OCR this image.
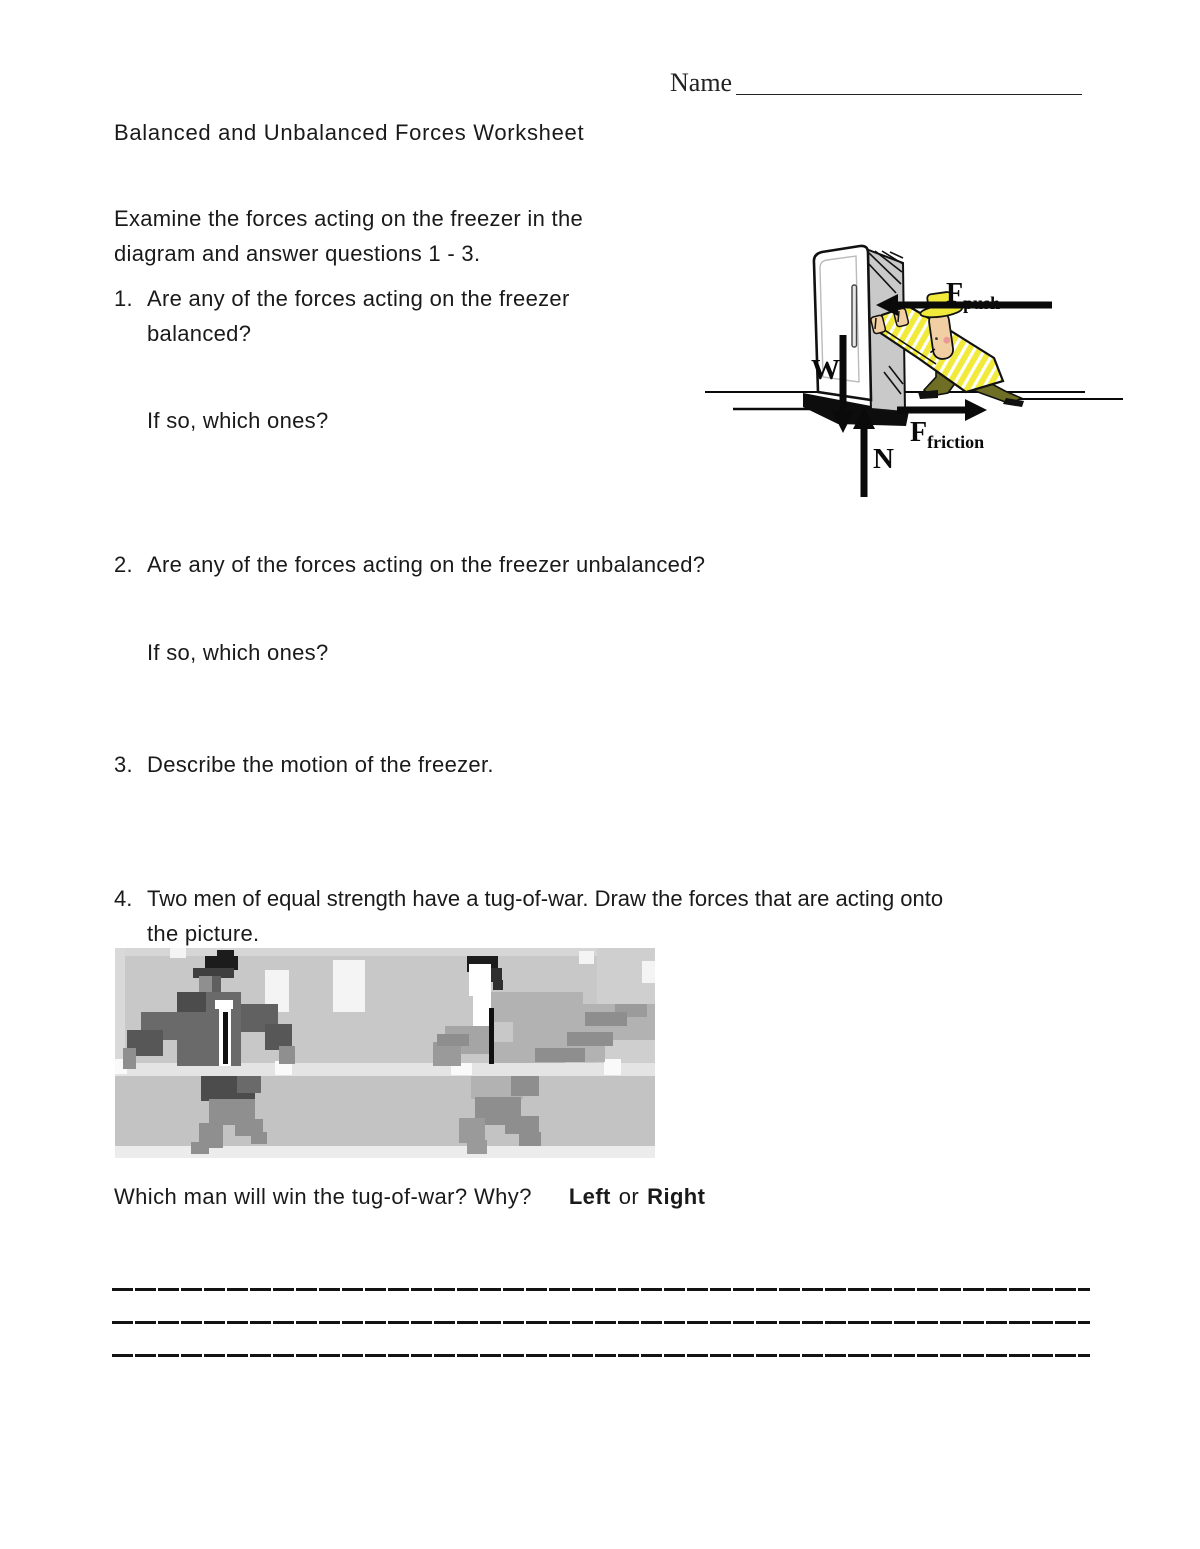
Name
Balanced and Unbalanced Forces Worksheet
Examine the forces acting on the freezer in the
diagram and answer questions 1 - 3.
1. Are any of the forces acting on the freezer
balanced?
If so, which ones?
2. Are any of the forces acting on the freezer unbalanced?
If so, which ones?
3. Describe the motion of the freezer.
4. Two men of equal strength have a tug-of-war. Draw the forces that are acting onto
the picture.
$F_{push}$
W
N
$F_{friction}$
Which man will win the tug-of-war? Why? Left or Right
